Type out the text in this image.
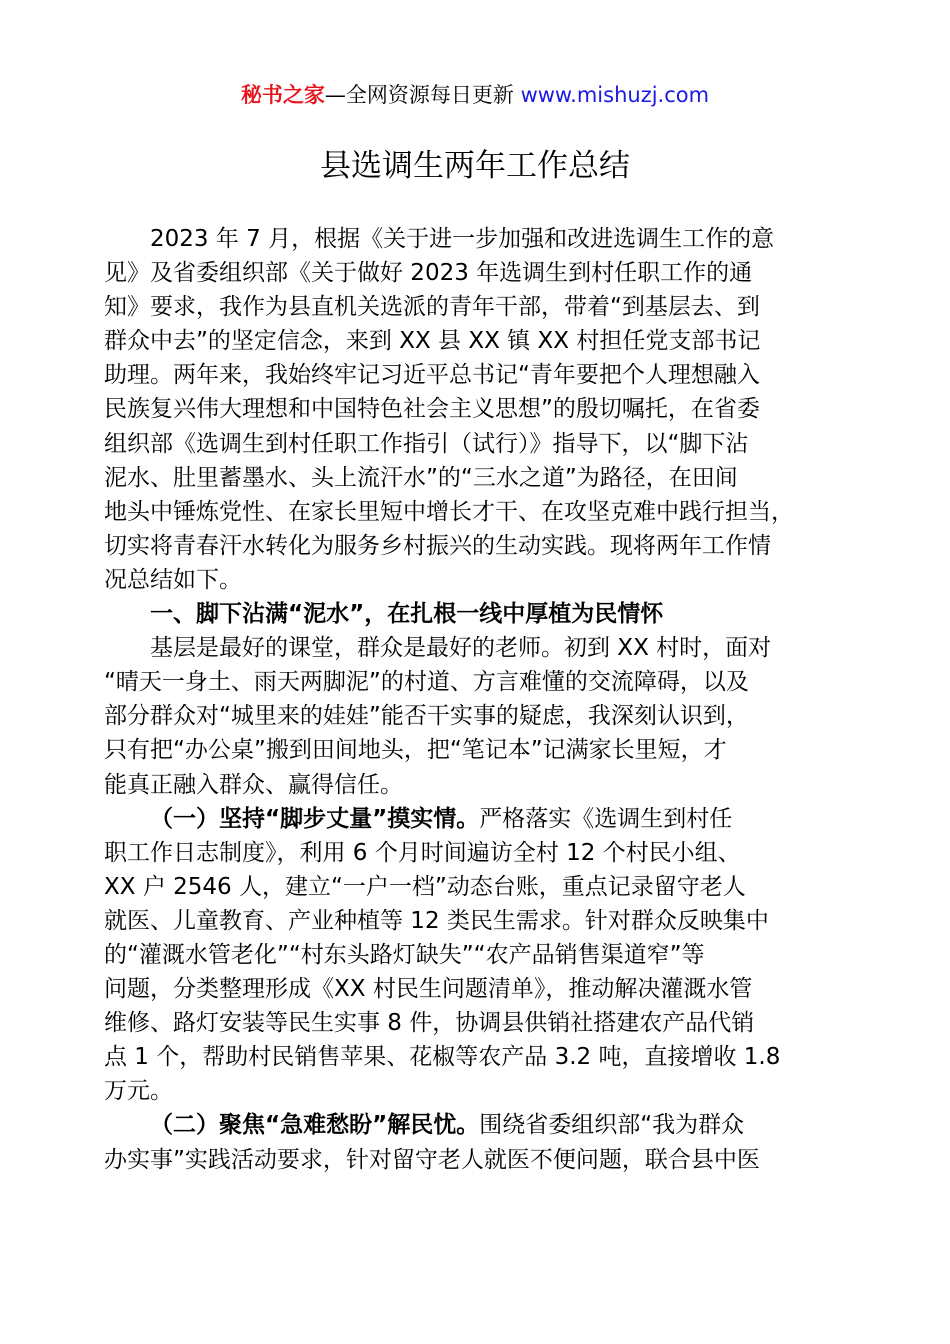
秘书之家—全网资源每日更新 www.mishuzj.com
县选调生两年工作总结
2023 年 7 月，根据《关于进一步加强和改进选调生工作的意
见》及省委组织部《关于做好 2023 年选调生到村任职工作的通
知》要求，我作为县直机关选派的青年干部，带着“到基层去、到
群众中去”的坚定信念，来到 XX 县 XX 镇 XX 村担任党支部书记
助理。两年来，我始终牢记习近平总书记“青年要把个人理想融入
民族复兴伟大理想和中国特色社会主义思想”的殷切嘱托，在省委
组织部《选调生到村任职工作指引（试行）》指导下，以“脚下沾
泥水、肚里蓄墨水、头上流汗水”的“三水之道”为路径，在田间
地头中锤炼党性、在家长里短中增长才干、在攻坚克难中践行担当，
切实将青春汗水转化为服务乡村振兴的生动实践。现将两年工作情
况总结如下。
一、脚下沾满“泥水”，在扎根一线中厚植为民情怀
基层是最好的课堂，群众是最好的老师。初到 XX 村时，面对
“晴天一身土、雨天两脚泥”的村道、方言难懂的交流障碍，以及
部分群众对“城里来的娃娃”能否干实事的疑虑，我深刻认识到，
只有把“办公桌”搬到田间地头，把“笔记本”记满家长里短，才
能真正融入群众、赢得信任。
（一）坚持“脚步丈量”摸实情。严格落实《选调生到村任
职工作日志制度》，利用 6 个月时间遍访全村 12 个村民小组、
XX 户 2546 人，建立“一户一档”动态台账，重点记录留守老人
就医、儿童教育、产业种植等 12 类民生需求。针对群众反映集中
的“灌溉水管老化”“村东头路灯缺失”“农产品销售渠道窄”等
问题，分类整理形成《XX 村民生问题清单》，推动解决灌溉水管
维修、路灯安装等民生实事 8 件，协调县供销社搭建农产品代销
点 1 个，帮助村民销售苹果、花椒等农产品 3.2 吨，直接增收 1.8
万元。
（二）聚焦“急难愁盼”解民忧。围绕省委组织部“我为群众
办实事”实践活动要求，针对留守老人就医不便问题，联合县中医
